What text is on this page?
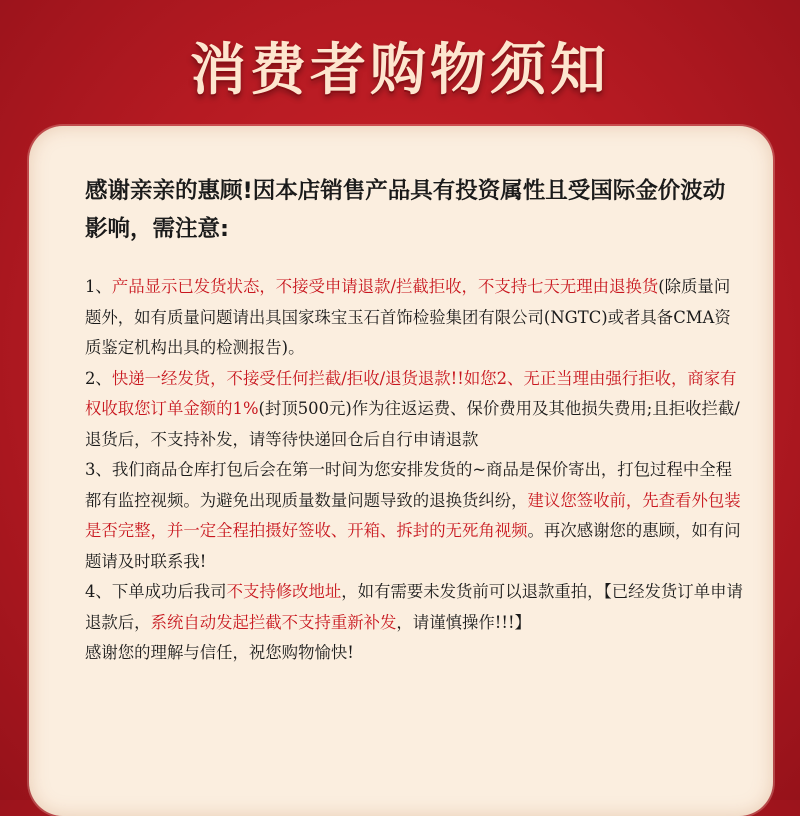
消费者购物须知
感谢亲亲的惠顾!因本店销售产品具有投资属性且受国际金价波动影响，需注意:

1、产品显示已发货状态，不接受申请退款/拦截拒收，不支持七天无理由退换货(除质量问题外，如有质量问题请出具国家珠宝玉石首饰检验集团有限公司(NGTC)或者具备CMA资质鉴定机构出具的检测报告)。

2、快递一经发货，不接受任何拦截/拒收/退货退款!!如您2、无正当理由强行拒收，商家有权收取您订单金额的1%(封顶500元)作为往返运费、保价费用及其他损失费用;且拒收拦截/退货后，不支持补发，请等待快递回仓后自行申请退款

3、我们商品仓库打包后会在第一时间为您安排发货的~商品是保价寄出，打包过程中全程都有监控视频。为避免出现质量数量问题导致的退换货纠纷，建议您签收前，先查看外包装是否完整，并一定全程拍摄好签收、开箱、拆封的无死角视频。再次感谢您的惠顾，如有问题请及时联系我!

4、下单成功后我司不支持修改地址，如有需要未发货前可以退款重拍，【已经发货订单申请退款后，系统自动发起拦截不支持重新补发，请谨慎操作!!!】

感谢您的理解与信任，祝您购物愉快!
